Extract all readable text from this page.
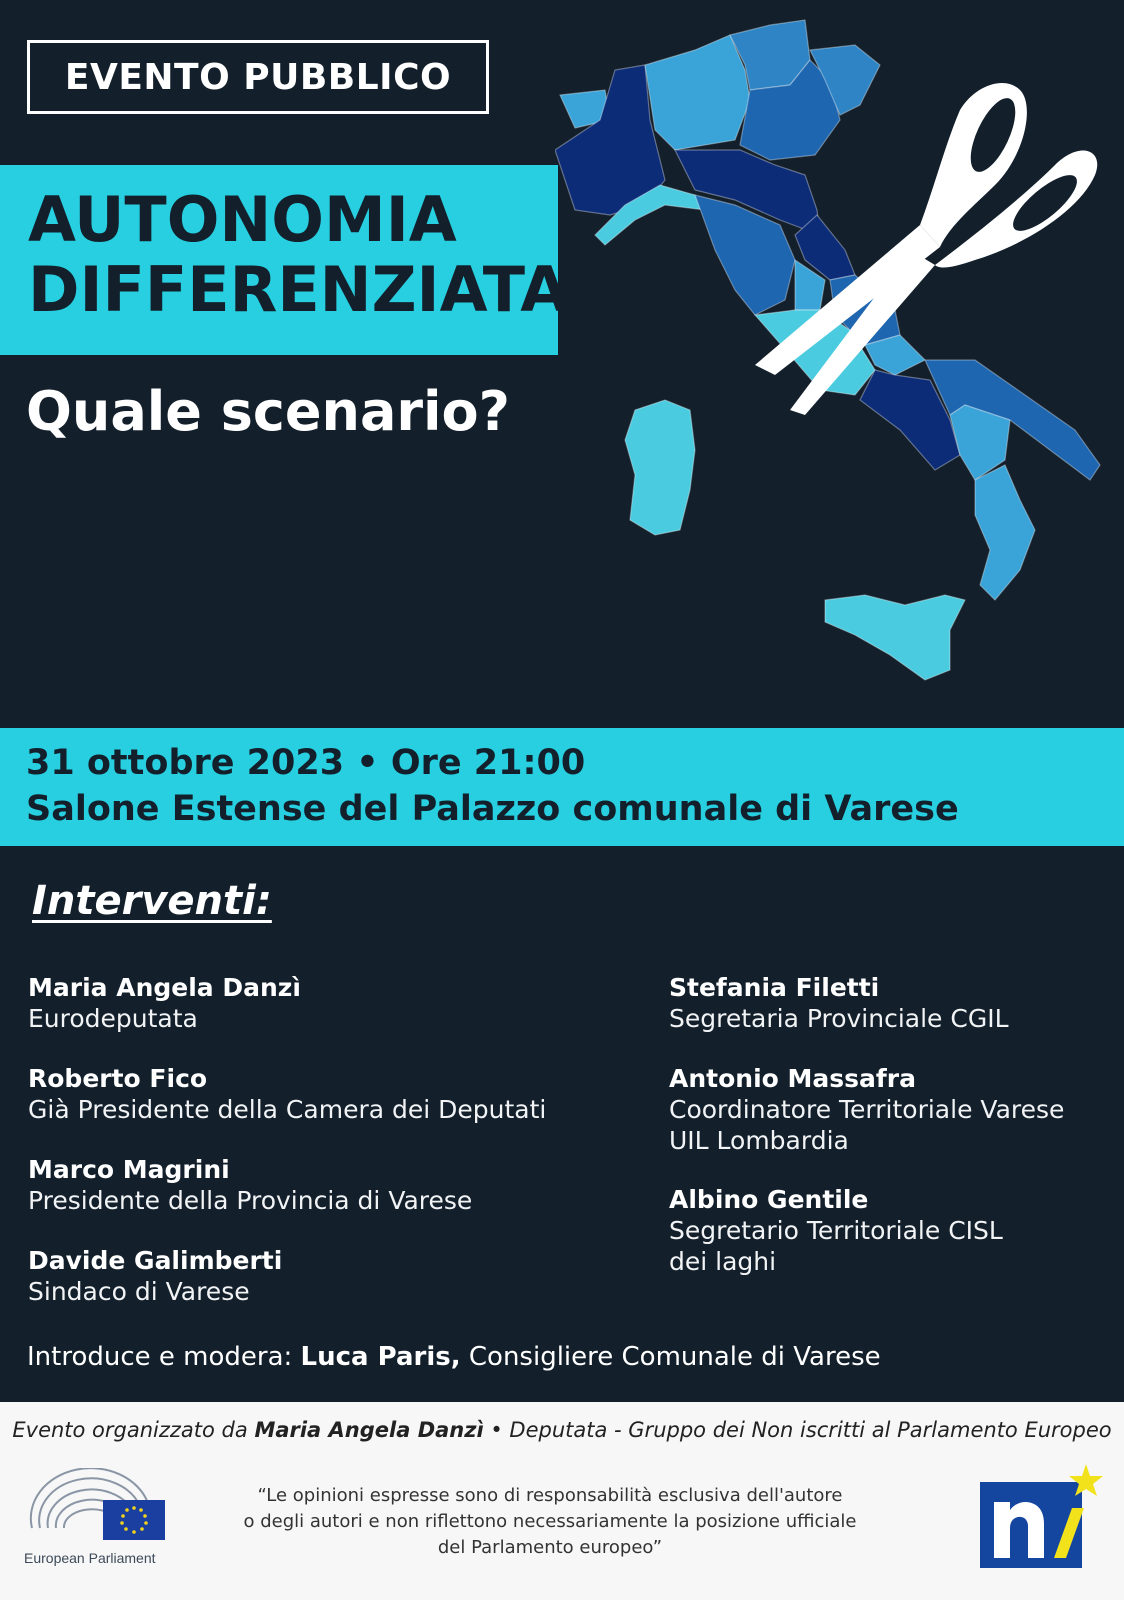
EVENTO PUBBLICO
AUTONOMIA
DIFFERENZIATA
Quale scenario?
31 ottobre 2023 • Ore 21:00
Salone Estense del Palazzo comunale di Varese
Interventi:
Maria Angela Danzì
Eurodeputata
Roberto Fico
Già Presidente della Camera dei Deputati
Marco Magrini
Presidente della Provincia di Varese
Davide Galimberti
Sindaco di Varese
Stefania Filetti
Segretaria Provinciale CGIL
Antonio Massafra
Coordinatore Territoriale Varese
UIL Lombardia
Albino Gentile
Segretario Territoriale CISL
dei laghi
Introduce e modera: Luca Paris, Consigliere Comunale di Varese
Evento organizzato da Maria Angela Danzì • Deputata - Gruppo dei Non iscritti al Parlamento Europeo
“Le opinioni espresse sono di responsabilità esclusiva dell'autore
o degli autori e non riflettono necessariamente la posizione ufficiale
del Parlamento europeo”
European Parliament
